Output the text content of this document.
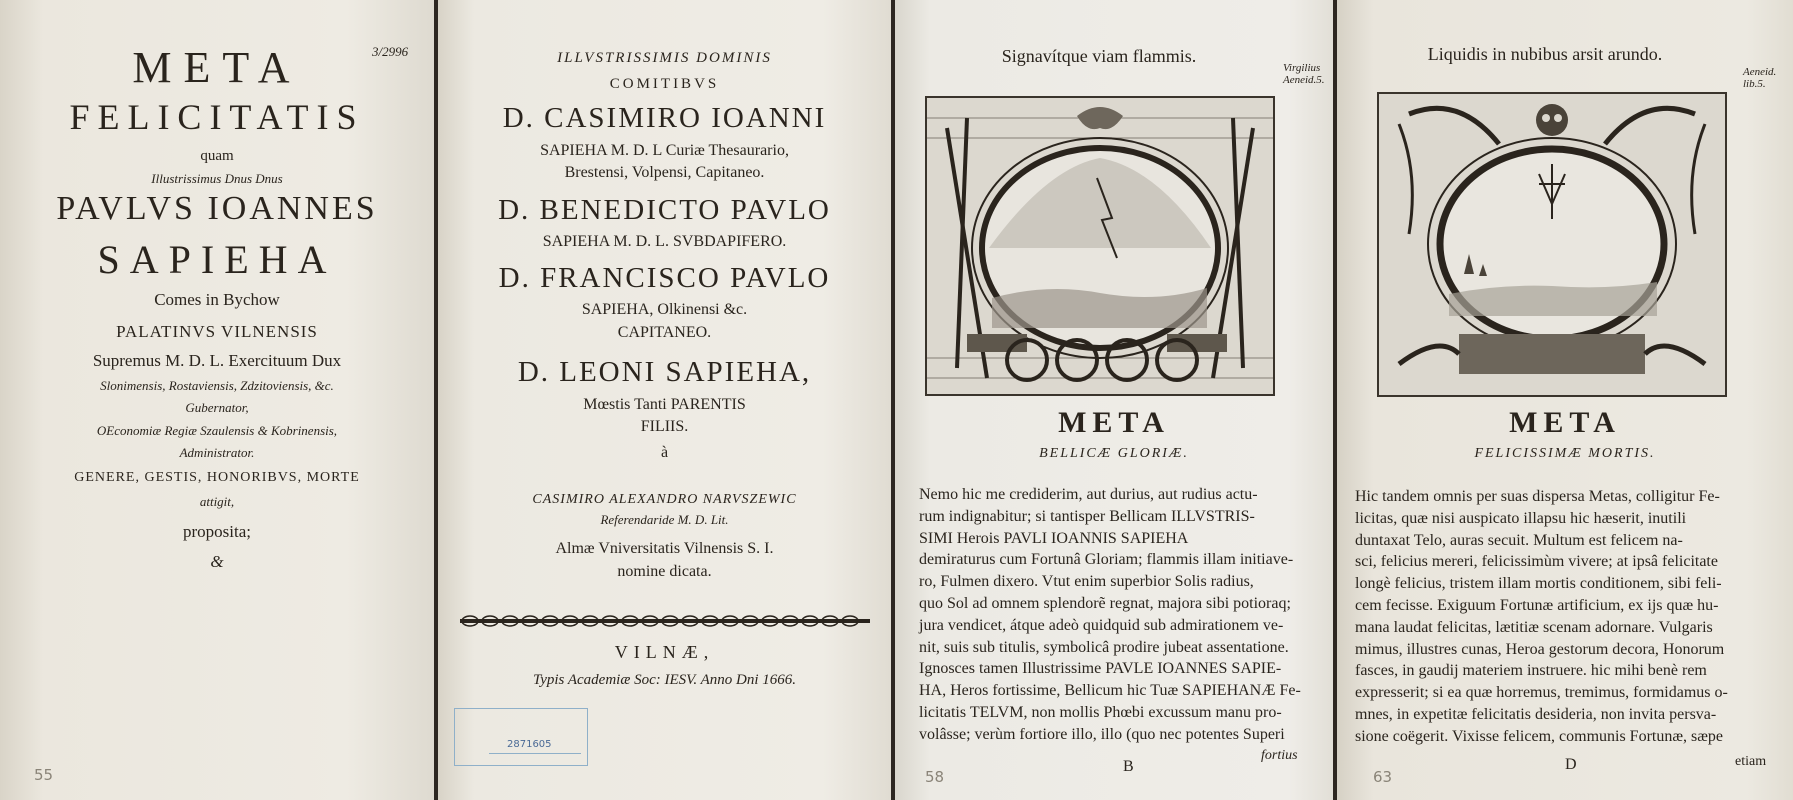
META
FELICITATIS
3/2996
quam
Illustrissimus Dnus Dnus
PAVLVS IOANNES
SAPIEHA
Comes in Bychow
PALATINVS VILNENSIS
Supremus M. D. L. Exercituum Dux
Slonimensis, Rostaviensis, Zdzitoviensis, &c.
Gubernator,
OEconomiæ Regiæ Szaulensis & Kobrinensis,
Administrator.
GENERE, GESTIS, HONORIBVS, MORTE
attigit,
proposita;
&
55
ILLVSTRISSIMIS DOMINIS
COMITIBVS
D. CASIMIRO IOANNI
SAPIEHA M. D. L Curiæ Thesaurario,
Brestensi, Volpensi, Capitaneo.
D. BENEDICTO PAVLO
SAPIEHA M. D. L. SVBDAPIFERO.
D. FRANCISCO PAVLO
SAPIEHA, Olkinensi &c.
CAPITANEO.
D. LEONI SAPIEHA,
Mœstis Tanti PARENTIS
FILIIS.
à
CASIMIRO ALEXANDRO NARVSZEWIC
Referendaride M. D. Lit.
Almæ Vniversitatis Vilnensis S. I.
nomine dicata.
VILNÆ,
Typis Academiæ Soc: IESV. Anno Dni 1666.
2871605
Signavítque viam flammis.
Virgilius
Aeneid.5.
META
BELLICÆ GLORIÆ.
Nemo hic me crediderim, aut durius, aut rudius actu-
rum indignabitur; si tantisper Bellicam ILLVSTRIS-
SIMI Herois PAVLI IOANNIS SAPIEHA
demiraturus cum Fortunâ Gloriam; flammis illam initiave-
ro, Fulmen dixero. Vtut enim superbior Solis radius,
quo Sol ad omnem splendorẽ regnat, majora sibi potioraq;
jura vendicet, átque adeò quidquid sub admirationem ve-
nit, suis sub titulis, symbolicâ prodire jubeat assentatione.
Ignosces tamen Illustrissime PAVLE IOANNES SAPIE-
HA, Heros fortissime, Bellicum hic Tuæ SAPIEHANÆ Fe-
licitatis TELVM, non mollis Phœbi excussum manu pro-
volâsse; verùm fortiore illo, illo (quo nec potentes Superi
fortius
B
58
Liquidis in nubibus arsit arundo.
Aeneid.
lib.5.
META
FELICISSIMÆ MORTIS.
Hic tandem omnis per suas dispersa Metas, colligitur Fe-
licitas, quæ nisi auspicato illapsu hic hæserit, inutili
duntaxat Telo, auras secuit. Multum est felicem na-
sci, felicius mereri, felicissimùm vivere; at ipsâ felicitate
longè felicius, tristem illam mortis conditionem, sibi feli-
cem fecisse. Exiguum Fortunæ artificium, ex ijs quæ hu-
mana laudat felicitas, lætitiæ scenam adornare. Vulgaris
mimus, illustres cunas, Heroa gestorum decora, Honorum
fasces, in gaudij materiem instruere. hic mihi benè rem
expresserit; si ea quæ horremus, tremimus, formidamus o-
mnes, in expetitæ felicitatis desideria, non invita persva-
sione coëgerit. Vixisse felicem, communis Fortunæ, sæpe
etiam
D
63
